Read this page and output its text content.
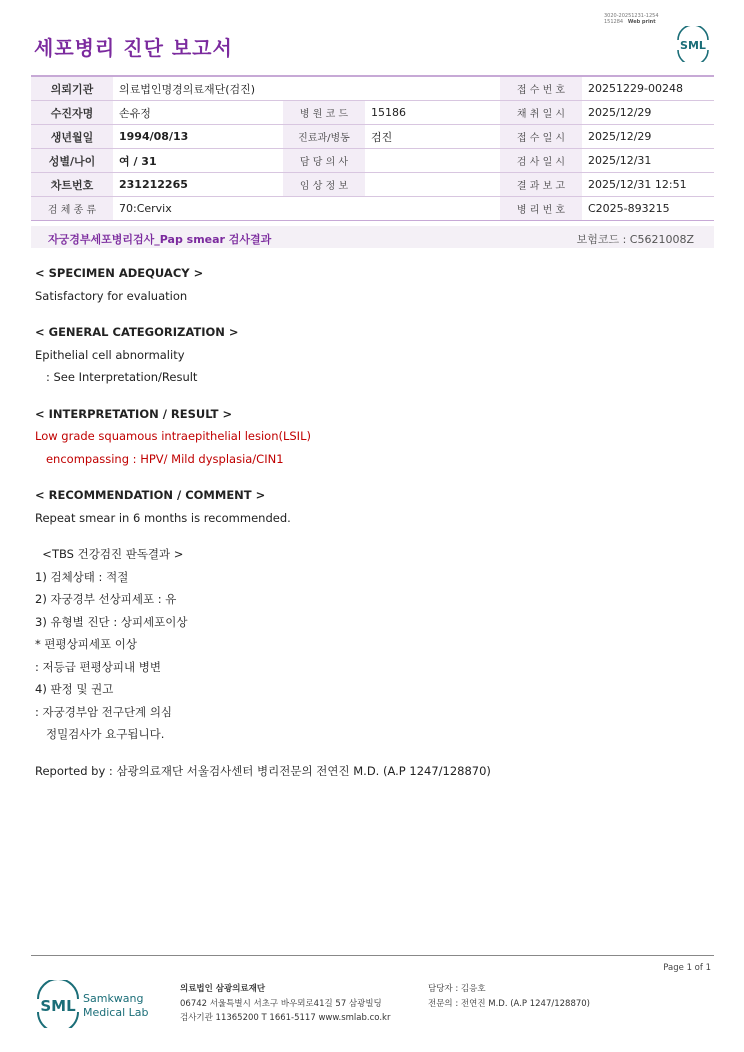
3020-20251231-1254
151284 Web print
세포병리 진단 보고서	SML
의뢰기관	의료법인명경의료재단(검진)			접 수 번 호	20251229-00248
수진자명	손유정	병 원 코 드	15186	채 취 일 시	2025/12/29
생년월일	1994/08/13	진료과/병동	검진	접 수 일 시	2025/12/29
성별/나이	여 / 31	담 당 의 사		검 사 일 시	2025/12/31
차트번호	231212265	임 상 정 보		결 과 보 고	2025/12/31 12:51
검 체 종 류	70:Cervix			병 리 번 호	C2025-893215
자궁경부세포병리검사_Pap smear 검사결과	보험코드 : C5621008Z
< SPECIMEN ADEQUACY >
Satisfactory for evaluation
< GENERAL CATEGORIZATION >
Epithelial cell abnormality
: See Interpretation/Result
< INTERPRETATION / RESULT >
Low grade squamous intraepithelial lesion(LSIL)
encompassing : HPV/ Mild dysplasia/CIN1
< RECOMMENDATION / COMMENT >
Repeat smear in 6 months is recommended.
<TBS 건강검진 판독결과 >
1) 검체상태 : 적절
2) 자궁경부 선상피세포 : 유
3) 유형별 진단 : 상피세포이상
* 편평상피세포 이상
: 저등급 편평상피내 병변
4) 판정 및 권고
: 자궁경부암 전구단계 의심
정밀검사가 요구됩니다.
Reported by : 삼광의료재단 서울검사센터 병리전문의 전연진 M.D. (A.P 1247/128870)
Page 1 of 1
SML Samkwang
Medical Lab
의료법인 삼광의료재단
06742 서울특별시 서초구 바우뫼로41길 57 삼광빌딩
검사기관 11365200 T 1661-5117 www.smlab.co.kr
담당자 : 김응호
전문의 : 전연진 M.D. (A.P 1247/128870)
